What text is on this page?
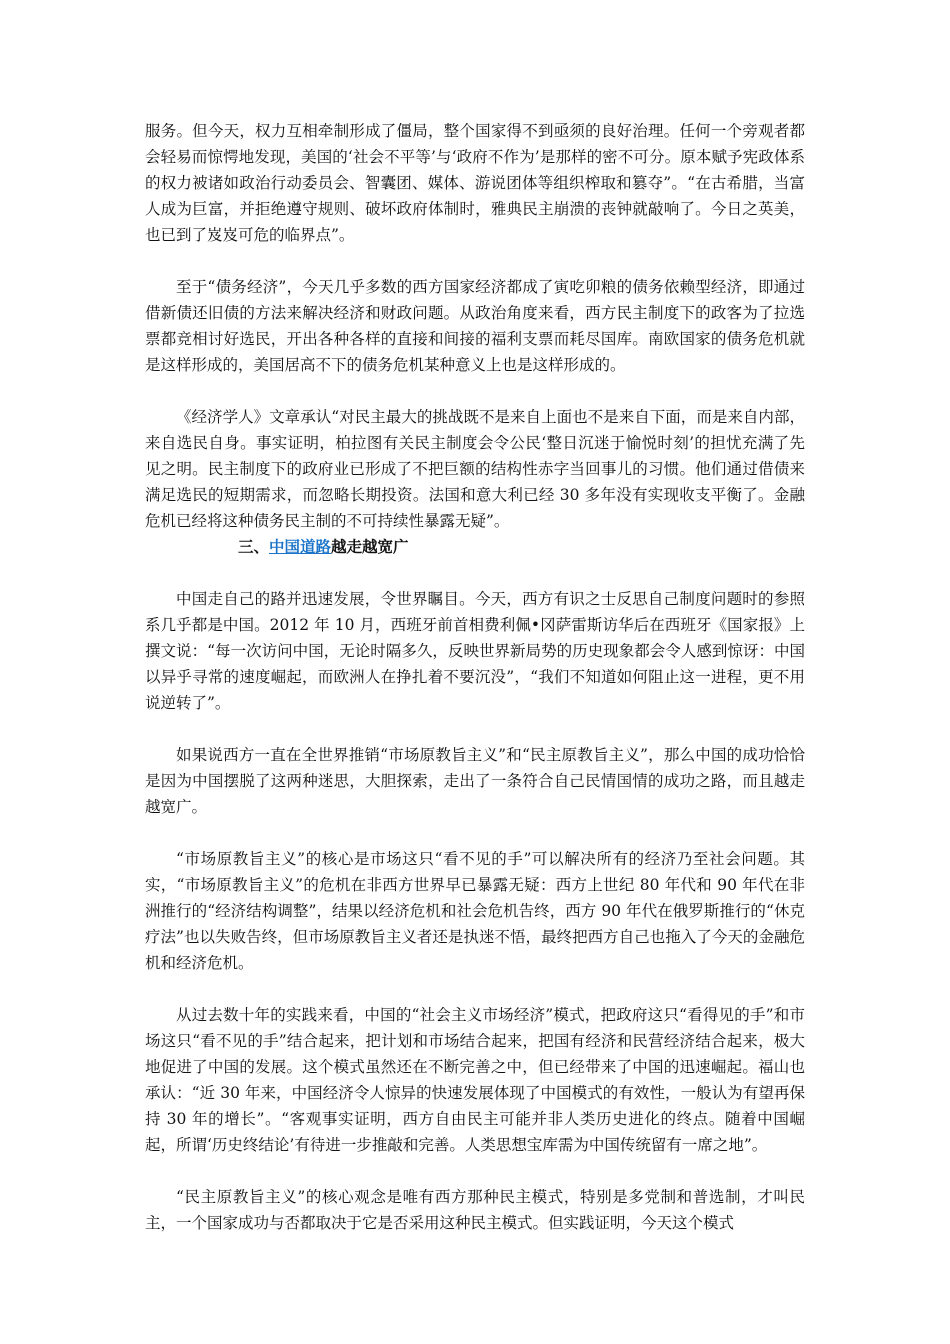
服务。但今天，权力互相牵制形成了僵局，整个国家得不到亟须的良好治理。任何一个旁观者都会轻易而惊愕地发现，美国的‘社会不平等’与‘政府不作为’是那样的密不可分。原本赋予宪政体系的权力被诸如政治行动委员会、智囊团、媒体、游说团体等组织榨取和篡夺”。“在古希腊，当富人成为巨富，并拒绝遵守规则、破坏政府体制时，雅典民主崩溃的丧钟就敲响了。今日之英美，也已到了岌岌可危的临界点”。

至于“债务经济”，今天几乎多数的西方国家经济都成了寅吃卯粮的债务依赖型经济，即通过借新债还旧债的方法来解决经济和财政问题。从政治角度来看，西方民主制度下的政客为了拉选票都竞相讨好选民，开出各种各样的直接和间接的福利支票而耗尽国库。南欧国家的债务危机就是这样形成的，美国居高不下的债务危机某种意义上也是这样形成的。

《经济学人》文章承认“对民主最大的挑战既不是来自上面也不是来自下面，而是来自内部，来自选民自身。事实证明，柏拉图有关民主制度会令公民‘整日沉迷于愉悦时刻’的担忧充满了先见之明。民主制度下的政府业已形成了不把巨额的结构性赤字当回事儿的习惯。他们通过借债来满足选民的短期需求，而忽略长期投资。法国和意大利已经 30 多年没有实现收支平衡了。金融危机已经将这种债务民主制的不可持续性暴露无疑”。

三、中国道路越走越宽广

中国走自己的路并迅速发展，令世界瞩目。今天，西方有识之士反思自己制度问题时的参照系几乎都是中国。2012 年 10 月，西班牙前首相费利佩•冈萨雷斯访华后在西班牙《国家报》上撰文说：“每一次访问中国，无论时隔多久，反映世界新局势的历史现象都会令人感到惊讶：中国以异乎寻常的速度崛起，而欧洲人在挣扎着不要沉没”，“我们不知道如何阻止这一进程，更不用说逆转了”。

如果说西方一直在全世界推销“市场原教旨主义”和“民主原教旨主义”，那么中国的成功恰恰是因为中国摆脱了这两种迷思，大胆探索，走出了一条符合自己民情国情的成功之路，而且越走越宽广。

“市场原教旨主义”的核心是市场这只“看不见的手”可以解决所有的经济乃至社会问题。其实，“市场原教旨主义”的危机在非西方世界早已暴露无疑：西方上世纪 80 年代和 90 年代在非洲推行的“经济结构调整”，结果以经济危机和社会危机告终，西方 90 年代在俄罗斯推行的“休克疗法”也以失败告终，但市场原教旨主义者还是执迷不悟，最终把西方自己也拖入了今天的金融危机和经济危机。

从过去数十年的实践来看，中国的“社会主义市场经济”模式，把政府这只“看得见的手”和市场这只“看不见的手”结合起来，把计划和市场结合起来，把国有经济和民营经济结合起来，极大地促进了中国的发展。这个模式虽然还在不断完善之中，但已经带来了中国的迅速崛起。福山也承认：“近 30 年来，中国经济令人惊异的快速发展体现了中国模式的有效性，一般认为有望再保持 30 年的增长”。“客观事实证明，西方自由民主可能并非人类历史进化的终点。随着中国崛起，所谓‘历史终结论’有待进一步推敲和完善。人类思想宝库需为中国传统留有一席之地”。

“民主原教旨主义”的核心观念是唯有西方那种民主模式，特别是多党制和普选制，才叫民主，一个国家成功与否都取决于它是否采用这种民主模式。但实践证明，今天这个模式
